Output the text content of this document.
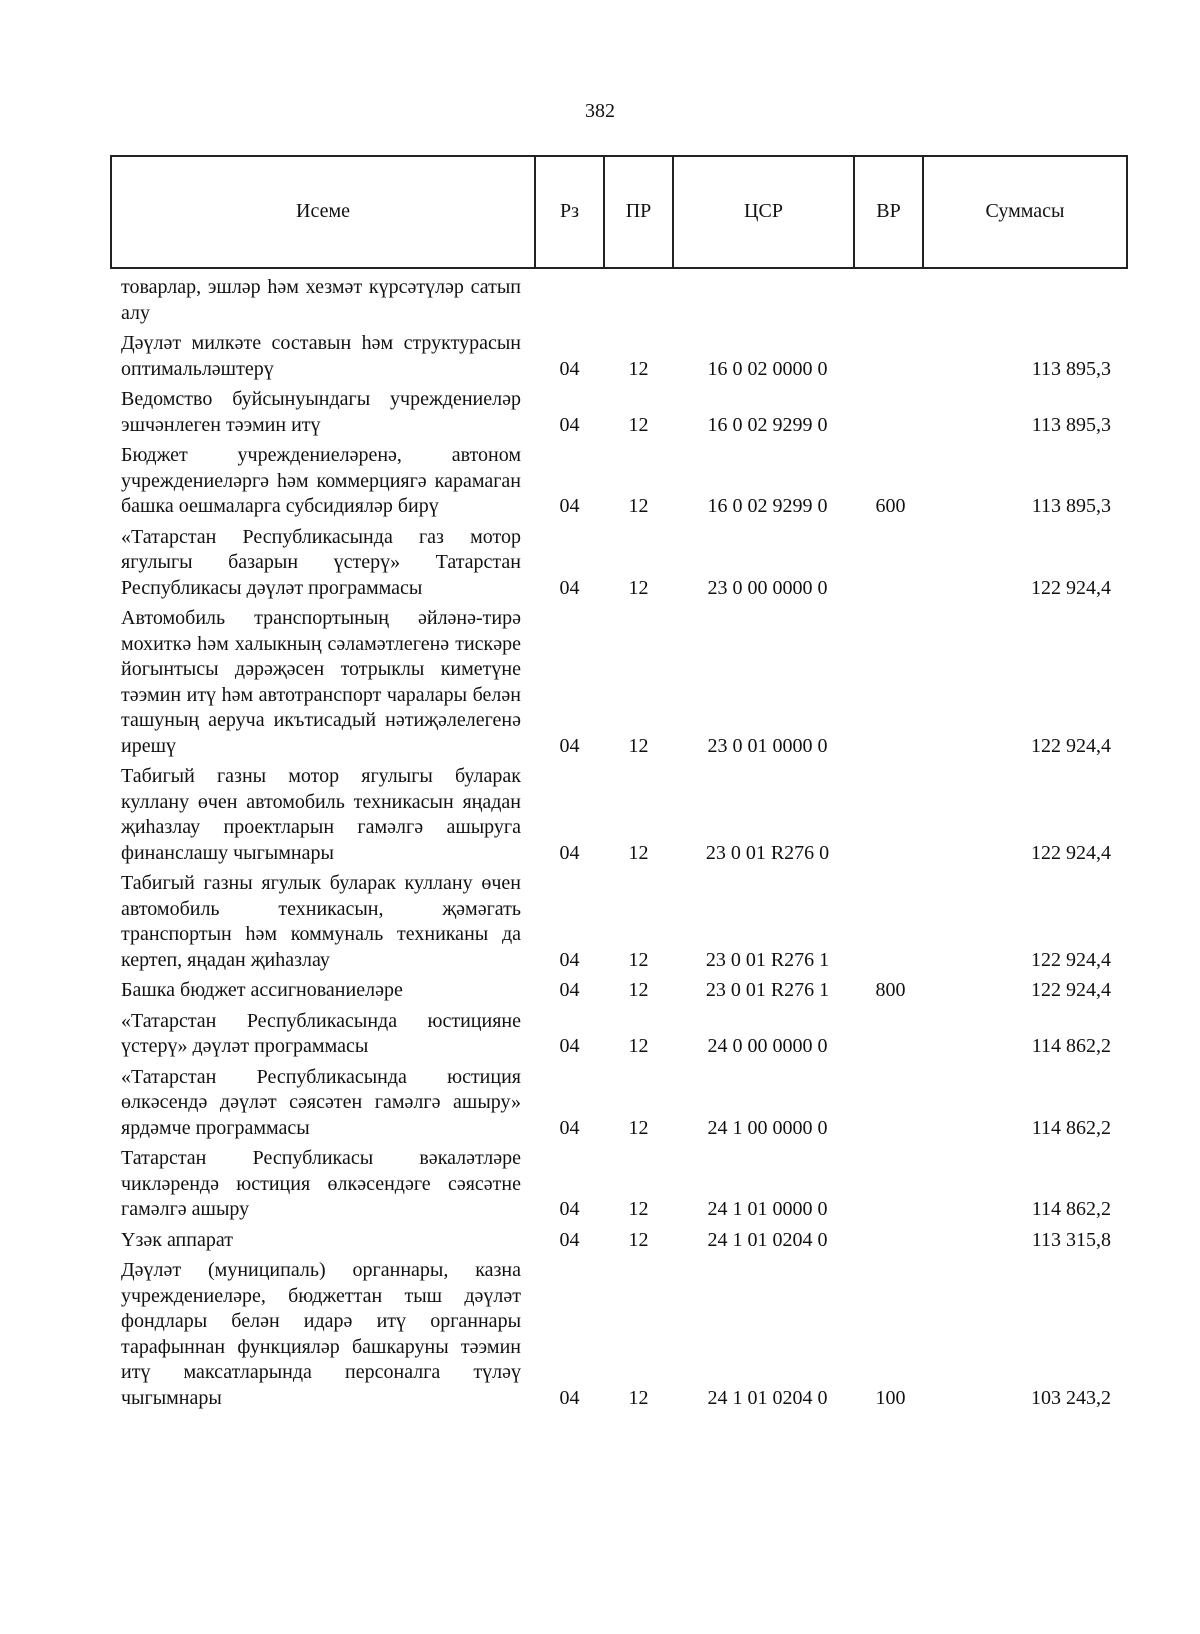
382
Исеме	Рз	ПР	ЦСР	ВР	Суммасы

товарлар, эшләр һәм хезмәт күрсәтүләр сатып алу					

Дәүләт милкәте составын һәм структурасын оптимальләштерү	04	12	16 0 02 0000 0		113 895,3

Ведомство буйсынуындагы учреждениеләр эшчәнлеген тәэмин итү	04	12	16 0 02 9299 0		113 895,3

Бюджет учреждениеләренә, автоном учреждениеләргә һәм коммерциягә карамаган башка оешмаларга субсидияләр бирү	04	12	16 0 02 9299 0	600	113 895,3

«Татарстан Республикасында газ мотор ягулыгы базарын үстерү» Татарстан Республикасы дәүләт программасы	04	12	23 0 00 0000 0		122 924,4

Автомобиль транспортының әйләнә-тирә мохиткә һәм халыкның сәламәтлегенә тискәре йогынтысы дәрәҗәсен тотрыклы киметүне тәэмин итү һәм автотранспорт чаралары белән ташуның аеруча икътисадый нәтиҗәлелегенә ирешү	04	12	23 0 01 0000 0		122 924,4

Табигый газны мотор ягулыгы буларак куллану өчен автомобиль техникасын яңадан җиһазлау проектларын гамәлгә ашыруга финанслашу чыгымнары	04	12	23 0 01 R276 0		122 924,4

Табигый газны ягулык буларак куллану өчен автомобиль техникасын, җәмәгать транспортын һәм коммуналь техниканы да кертеп, яңадан җиһазлау	04	12	23 0 01 R276 1		122 924,4

Башка бюджет ассигнованиеләре	04	12	23 0 01 R276 1	800	122 924,4

«Татарстан Республикасында юстицияне үстерү» дәүләт программасы	04	12	24 0 00 0000 0		114 862,2

«Татарстан Республикасында юстиция өлкәсендә дәүләт сәясәтен гамәлгә ашыру» ярдәмче программасы	04	12	24 1 00 0000 0		114 862,2

Татарстан Республикасы вәкаләтләре чикләрендә юстиция өлкәсендәге сәясәтне гамәлгә ашыру	04	12	24 1 01 0000 0		114 862,2

Үзәк аппарат	04	12	24 1 01 0204 0		113 315,8

Дәүләт (муниципаль) органнары, казна учреждениеләре, бюджеттан тыш дәүләт фондлары белән идарә итү органнары тарафыннан функцияләр башкаруны тәэмин итү максатларында персоналга түләү чыгымнары	04	12	24 1 01 0204 0	100	103 243,2
